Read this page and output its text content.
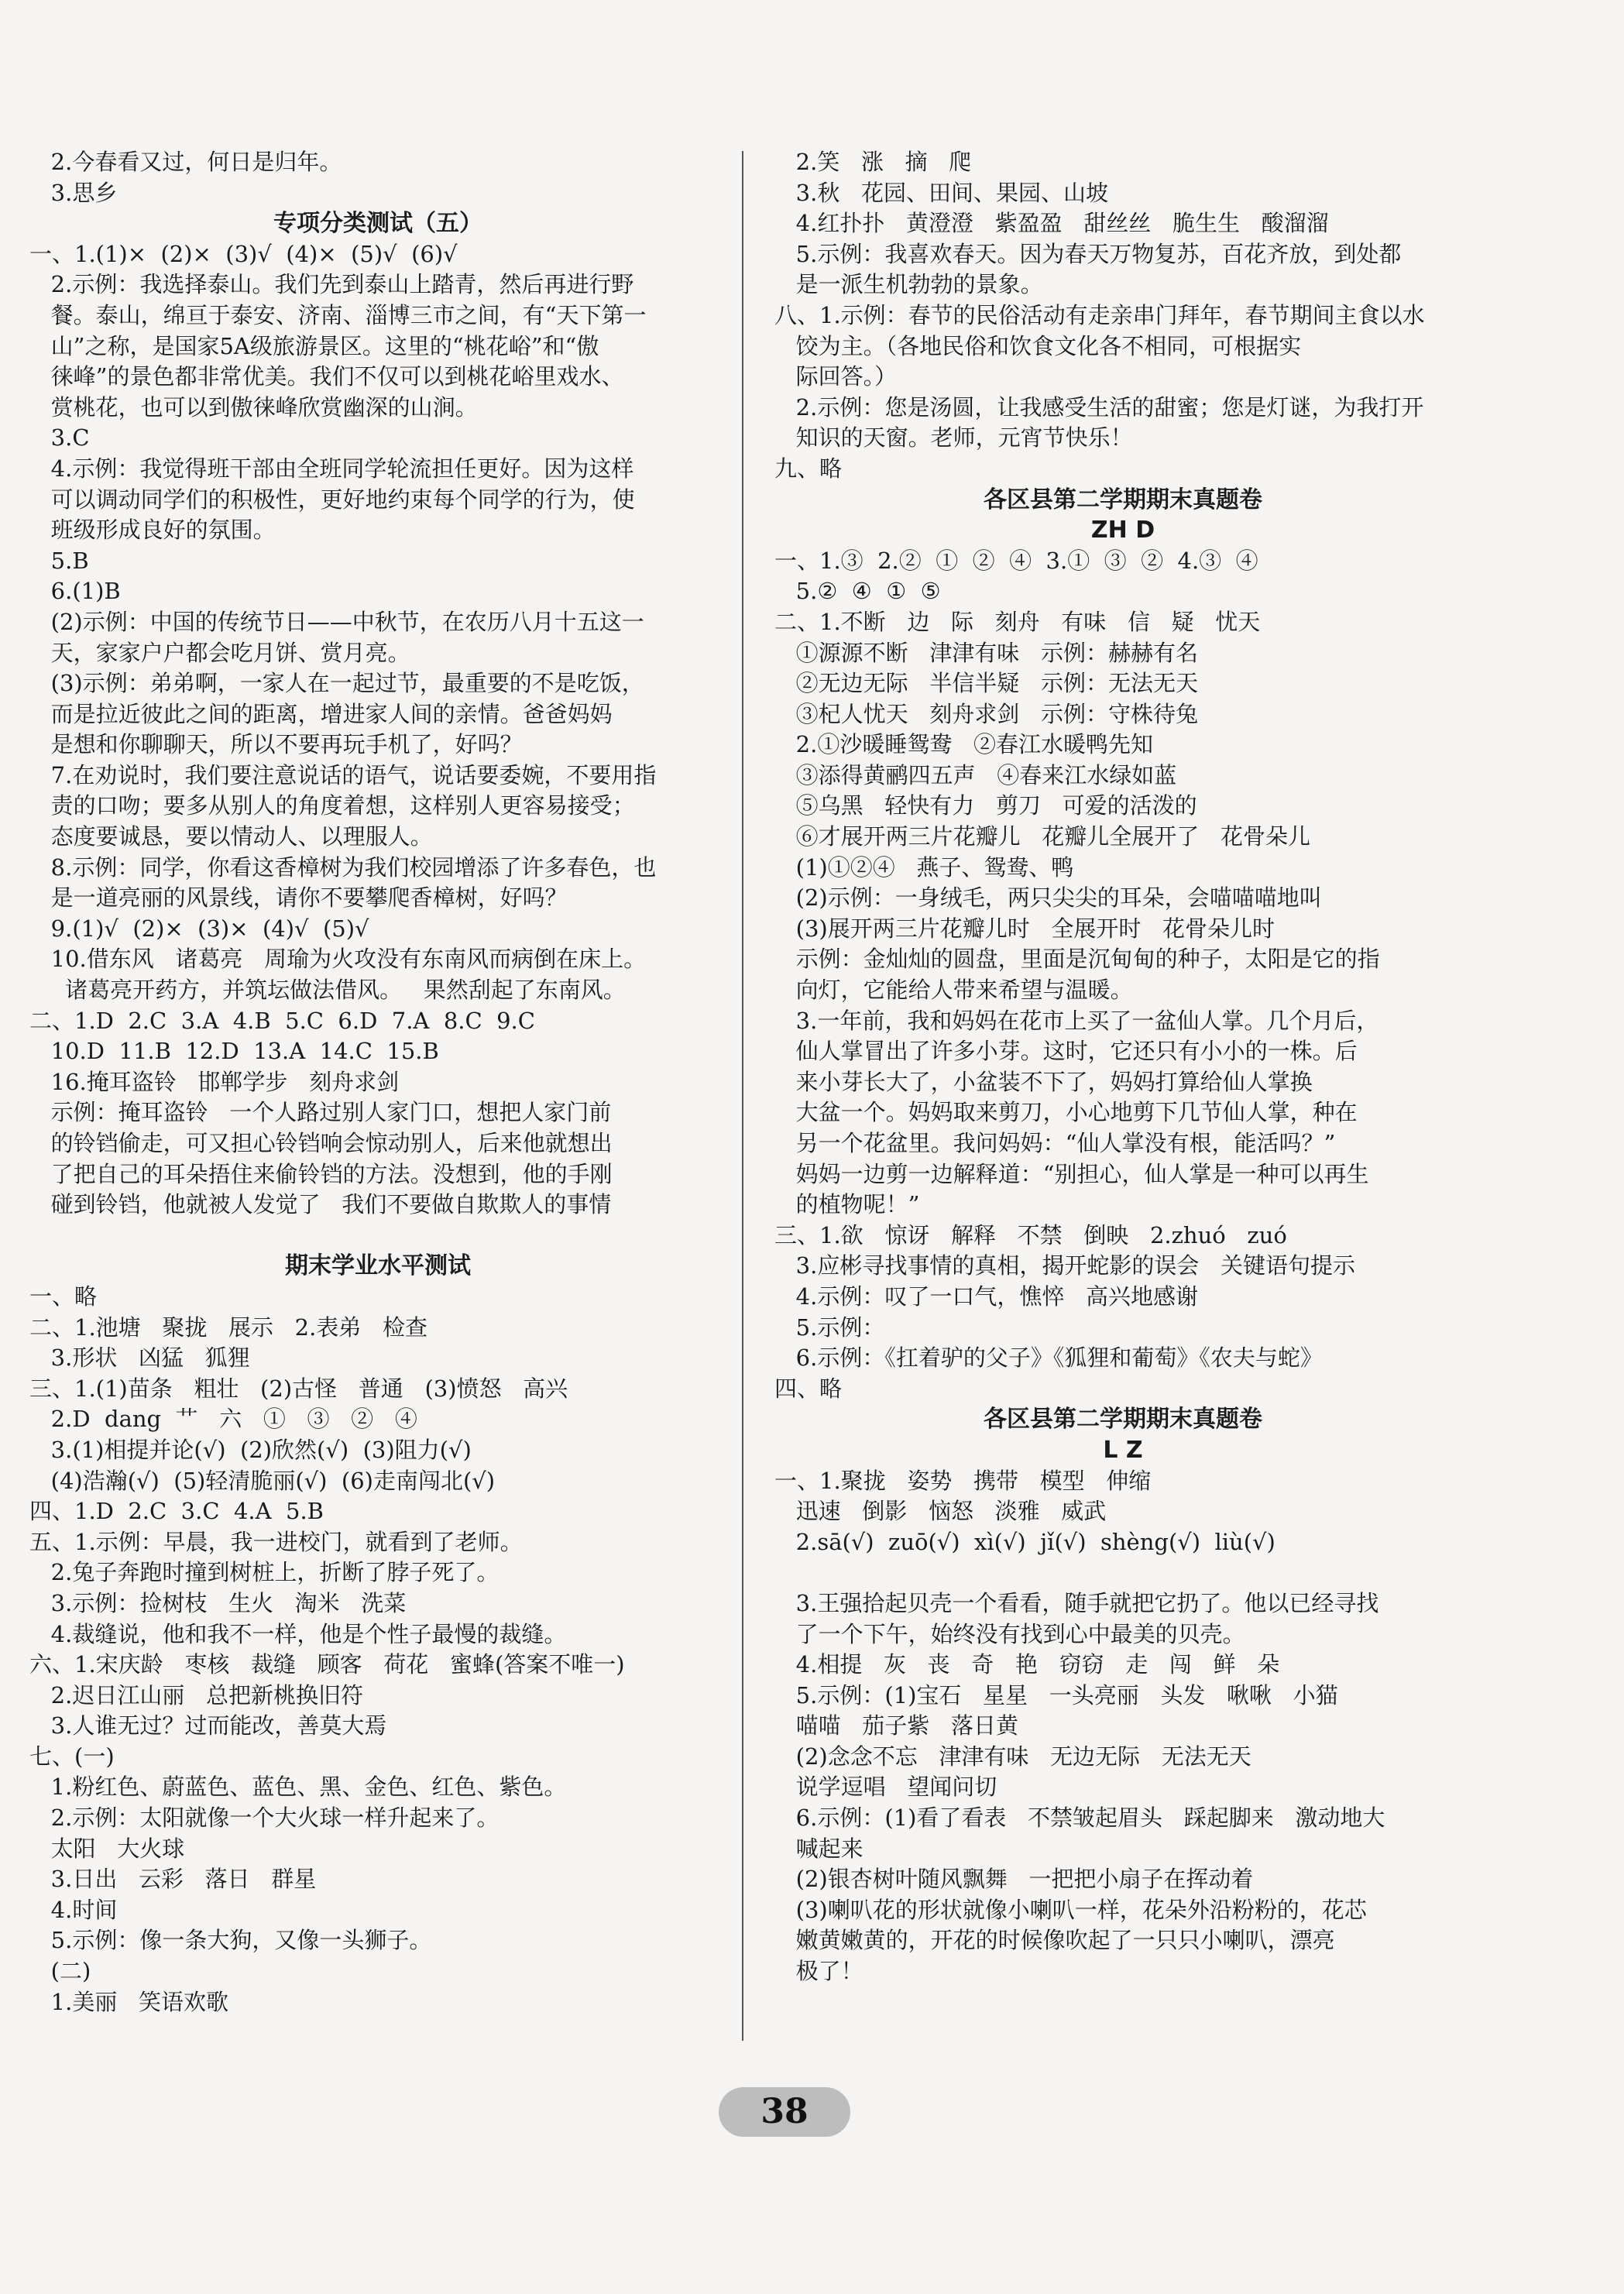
2.今春看又过，何日是归年。
3.思乡
专项分类测试（五）
一、1.(1)×  (2)×  (3)√  (4)×  (5)√  (6)√
2.示例：我选择泰山。我们先到泰山上踏青，然后再进行野
餐。泰山，绵亘于泰安、济南、淄博三市之间，有“天下第一
山”之称，是国家5A级旅游景区。这里的“桃花峪”和“傲
徕峰”的景色都非常优美。我们不仅可以到桃花峪里戏水、
赏桃花，也可以到傲徕峰欣赏幽深的山涧。
3.C
4.示例：我觉得班干部由全班同学轮流担任更好。因为这样
可以调动同学们的积极性，更好地约束每个同学的行为，使
班级形成良好的氛围。
5.B
6.(1)B
(2)示例：中国的传统节日——中秋节，在农历八月十五这一
天，家家户户都会吃月饼、赏月亮。
(3)示例：弟弟啊，一家人在一起过节，最重要的不是吃饭，
而是拉近彼此之间的距离，增进家人间的亲情。爸爸妈妈
是想和你聊聊天，所以不要再玩手机了，好吗？
7.在劝说时，我们要注意说话的语气，说话要委婉，不要用指
责的口吻；要多从别人的角度着想，这样别人更容易接受；
态度要诚恳，要以情动人、以理服人。
8.示例：同学，你看这香樟树为我们校园增添了许多春色，也
是一道亮丽的风景线，请你不要攀爬香樟树，好吗？
9.(1)√  (2)×  (3)×  (4)√  (5)√
10.借东风   诸葛亮   周瑜为火攻没有东南风而病倒在床上。
诸葛亮开药方，并筑坛做法借风。   果然刮起了东南风。
二、1.D  2.C  3.A  4.B  5.C  6.D  7.A  8.C  9.C
10.D  11.B  12.D  13.A  14.C  15.B
16.掩耳盗铃   邯郸学步   刻舟求剑
示例：掩耳盗铃   一个人路过别人家门口，想把人家门前
的铃铛偷走，可又担心铃铛响会惊动别人，后来他就想出
了把自己的耳朵捂住来偷铃铛的方法。没想到，他的手刚
碰到铃铛，他就被人发觉了   我们不要做自欺欺人的事情

期末学业水平测试
一、略
二、1.池塘   聚拢   展示   2.表弟   检查
3.形状   凶猛   狐狸
三、1.(1)苗条   粗壮   (2)古怪   普通   (3)愤怒   高兴
2.D  dang  艹   六   ①   ③   ②   ④
3.(1)相提并论(√)  (2)欣然(√)  (3)阻力(√)
(4)浩瀚(√)  (5)轻清脆丽(√)  (6)走南闯北(√)
四、1.D  2.C  3.C  4.A  5.B
五、1.示例：早晨，我一进校门，就看到了老师。
2.兔子奔跑时撞到树桩上，折断了脖子死了。
3.示例：捡树枝   生火   淘米   洗菜
4.裁缝说，他和我不一样，他是个性子最慢的裁缝。
六、1.宋庆龄   枣核   裁缝   顾客   荷花   蜜蜂(答案不唯一)
2.迟日江山丽   总把新桃换旧符
3.人谁无过？过而能改，善莫大焉
七、(一)
1.粉红色、蔚蓝色、蓝色、黑、金色、红色、紫色。
2.示例：太阳就像一个大火球一样升起来了。
太阳   大火球
3.日出   云彩   落日   群星
4.时间
5.示例：像一条大狗，又像一头狮子。
(二)
1.美丽   笑语欢歌
2.笑   涨   摘   爬
3.秋   花园、田间、果园、山坡
4.红扑扑   黄澄澄   紫盈盈   甜丝丝   脆生生   酸溜溜
5.示例：我喜欢春天。因为春天万物复苏，百花齐放，到处都
是一派生机勃勃的景象。
八、1.示例：春节的民俗活动有走亲串门拜年，春节期间主食以水
饺为主。（各地民俗和饮食文化各不相同，可根据实
际回答。）
2.示例：您是汤圆，让我感受生活的甜蜜；您是灯谜，为我打开
知识的天窗。老师，元宵节快乐！
九、略
各区县第二学期期末真题卷
ZH D
一、1.③  2.②  ①  ②  ④  3.①  ③  ②  4.③  ④
5.②  ④  ①  ⑤
二、1.不断   边   际   刻舟   有味   信   疑   忧天
①源源不断   津津有味   示例：赫赫有名
②无边无际   半信半疑   示例：无法无天
③杞人忧天   刻舟求剑   示例：守株待兔
2.①沙暖睡鸳鸯   ②春江水暖鸭先知
③添得黄鹂四五声   ④春来江水绿如蓝
⑤乌黑   轻快有力   剪刀   可爱的活泼的
⑥才展开两三片花瓣儿   花瓣儿全展开了   花骨朵儿
(1)①②④   燕子、鸳鸯、鸭
(2)示例：一身绒毛，两只尖尖的耳朵，会喵喵喵地叫
(3)展开两三片花瓣儿时   全展开时   花骨朵儿时
示例：金灿灿的圆盘，里面是沉甸甸的种子，太阳是它的指
向灯，它能给人带来希望与温暖。
3.一年前，我和妈妈在花市上买了一盆仙人掌。几个月后，
仙人掌冒出了许多小芽。这时，它还只有小小的一株。后
来小芽长大了，小盆装不下了，妈妈打算给仙人掌换
大盆一个。妈妈取来剪刀，小心地剪下几节仙人掌，种在
另一个花盆里。我问妈妈：“仙人掌没有根，能活吗？”
妈妈一边剪一边解释道：“别担心，仙人掌是一种可以再生
的植物呢！”
三、1.欲   惊讶   解释   不禁   倒映   2.zhuó   zuó
3.应彬寻找事情的真相，揭开蛇影的误会   关键语句提示
4.示例：叹了一口气，憔悴   高兴地感谢
5.示例：
6.示例：《扛着驴的父子》《狐狸和葡萄》《农夫与蛇》
四、略
各区县第二学期期末真题卷
L Z
一、1.聚拢   姿势   携带   模型   伸缩
迅速   倒影   恼怒   淡雅   威武
2.sā(√)  zuō(√)  xì(√)  jǐ(√)  shèng(√)  liù(√)

3.王强拾起贝壳一个看看，随手就把它扔了。他以已经寻找
了一个下午，始终没有找到心中最美的贝壳。
4.相提   灰   丧   奇   艳   窃窃   走   闯   鲜   朵
5.示例：(1)宝石   星星   一头亮丽   头发   啾啾   小猫
喵喵   茄子紫   落日黄
(2)念念不忘   津津有味   无边无际   无法无天
说学逗唱   望闻问切
6.示例：(1)看了看表   不禁皱起眉头   踩起脚来   激动地大
喊起来
(2)银杏树叶随风飘舞   一把把小扇子在挥动着
(3)喇叭花的形状就像小喇叭一样，花朵外沿粉粉的，花芯
嫩黄嫩黄的，开花的时候像吹起了一只只小喇叭，漂亮
极了！
38
